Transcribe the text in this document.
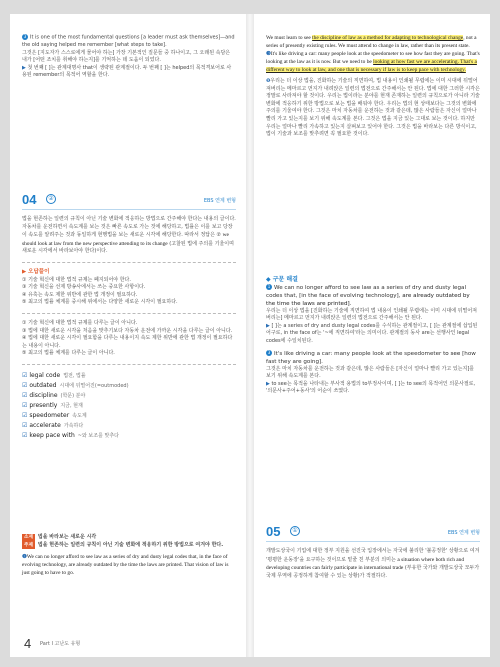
3 It is one of the most fundamental questions [a leader must ask themselves]—and the old saying helped me remember [what steps to take].

그것은 [지도자가 스스로에게 물어야 하는] 가장 기본적인 질문들 중 하나이고, 그 오래된 속담은 내가 [어떤 조치를 취해야 하는지]를 기억하는 데 도움이 되었다.

▶ 첫 번째 [ ]는 관계대명사 that이 생략된 관계절이다. 두 번째 [ ]는 helped의 목적격보어로 사용된 remember의 목적어 역할을 한다.

04	②	EBS 연계 변형

법을 현존하는 일련의 규칙이 아닌 기술 변화에 적응하는 방법으로 간주해야 한다는 내용의 글이다. 자동차를 운전하면서 속도계를 보는 것은 빠른 속도로 가는 것에 해당하고, 법률은 이를 보고 당장 이 속도를 알려주는 것과 동일하게 현행법을 보는 새로운 시각에 해당한다. 따라서 정답은 ② we should look at law from the new perspective attending to its change (고찰된 법에 주의를 기울이며 새로운 시각에서 바라보아야 한다)이다.

▶ 오답풀이

① 기술 혁신에 대한 법적 규제는 폐지되어야 한다.
③ 기술 혁신을 선제 방송사에서는 쓰는 중요한 사항이다.
④ 유혹는 속도 제한 위반에 관한 법 개정이 필요하다.
⑤ 최고의 법률 체계를 중시해 위에서는 다양한 새로운 시각이 필요하다.
① 기술 혁신에 대한 법적 규제를 다루는 글이 아니다.
③ 법에 대한 새로운 시각을 처음을 맞추기보다 자동차 운전에 가까운 시각을 다루는 글이 아니다.
④ 법에 대한 새로운 시각이 필요함을 다루는 내용이지 속도 제한 위반에 관한 법 개정이 필요하다는 내용이 아니다.
⑤ 최고의 법률 체계를 다루는 글이 아니다.
☑ legal code 법전, 법률
☑ outdated 시대에 뒤떨어진(=outmoded)
☑ discipline (학문) 분야
☑ presently 지금, 현재
☑ speedometer 속도계
☑ accelerate 가속하다
☑ keep pace with ~와 보조를 맞추다

소재 법을 바라보는 새로운 시각

주제 법을 현존하는 일련의 규칙이 아닌 기술 변화에 적응하기 위한 방법으로 여겨야 한다.

❶We can no longer afford to see law as a series of dry and dusty legal codes that, in the face of evolving technology, are already outdated by the time the laws are printed. That vision of law is just going to have to go.

4 Part I 고난도 유형

We must learn to see the discipline of law as a method for adapting to technological change, not a series of presently existing rules. We must attend to change in law, rather than its present state. ❸It's like driving a car: many people look at the speedometer to see how fast they are going. That's looking at the law as it is now. But we need to be looking at how fast we are accelerating. That's a different way to look at law, and one that is necessary if law is to keep pace with technology.

❶우리는 더 이상 법을, 진화하는 기술의 직면하여, 법 내용이 인쇄될 무렵에는 이미 시대에 뒤떨어져버리는 메마르고 먼지가 내려앉은 일련의 법전으로 간주해서는 안 된다. 법에 대한 그러한 시각은 정말로 사라져야 할 것이다. 우리는 법이라는 분야를 현재 존재하는 일련의 규칙으로가 아니라 기술 변화에 적응하기 위한 방법으로 보는 법을 배워야 한다. 우리는 법의 현 상태보다는 그것의 변화에 주의를 기울여야 한다. 그것은 마치 자동차를 운전하는 것과 같은데, 많은 사람들은 자신이 얼마나 빨리 가고 있는지를 보기 위해 속도계를 본다. 그것은 법을 지금 있는 그대로 보는 것이다. 하지만 우리는 얼마나 빨리 가속하고 있는지 살펴보고 있어야 한다. 그것은 법을 바라보는 다른 방식이고, 법이 기술과 보조를 맞추려면 꼭 필요한 것이다.

◆ 구문 해결

1 We can no longer afford to see law as a series of dry and dusty legal codes that, [in the face of evolving technology], are already outdated by the time the laws are printed].

우리는 더 이상 법을 [진화하는 기술에 직면하여 법 내용이 인쇄될 무렵에는 이미 시대에 뒤떨어져버리는] 메마르고 먼지가 내려앉은 일련의 법전으로 간주해서는 안 된다.

▶ [ ]는 a series of dry and dusty legal codes를 수식하는 관계절이고, [ ]는 관계절에 삽입된 어구로, in the face of는 '~에 직면하여'라는 의미이다. 관계절의 동사 are는 선행사인 legal codes에 수일치된다.

3 It's like driving a car: many people look at the speedometer to see [how fast they are going].

그것은 마치 자동차를 운전하는 것과 같은데, 많은 사람들은 [자신이 얼마나 빨리 가고 있는지]를 보기 위해 속도계를 본다.

▶ to see는 목적을 나타내는 부사적 용법의 to부정사이며, [ ]는 to see의 목적어인 의문사절로, '의문사+주어+동사'의 어순이 쓰였다.

05	①	EBS 연계 변형

개발도상국이 기업에 대한 정부 지원을 선진국 입장에서는 자국에 불리한 '불공정한' 상황으로 여겨 '평평한 운동장'을 요구하는 것이므로 밑줄 친 부분의 의미는 a situation where both rich and developing countries can fairly participate in international trade (부유한 국가와 개발도상국 모두가 국제 무역에 공정하게 참여할 수 있는 상황)가 적절하다.
